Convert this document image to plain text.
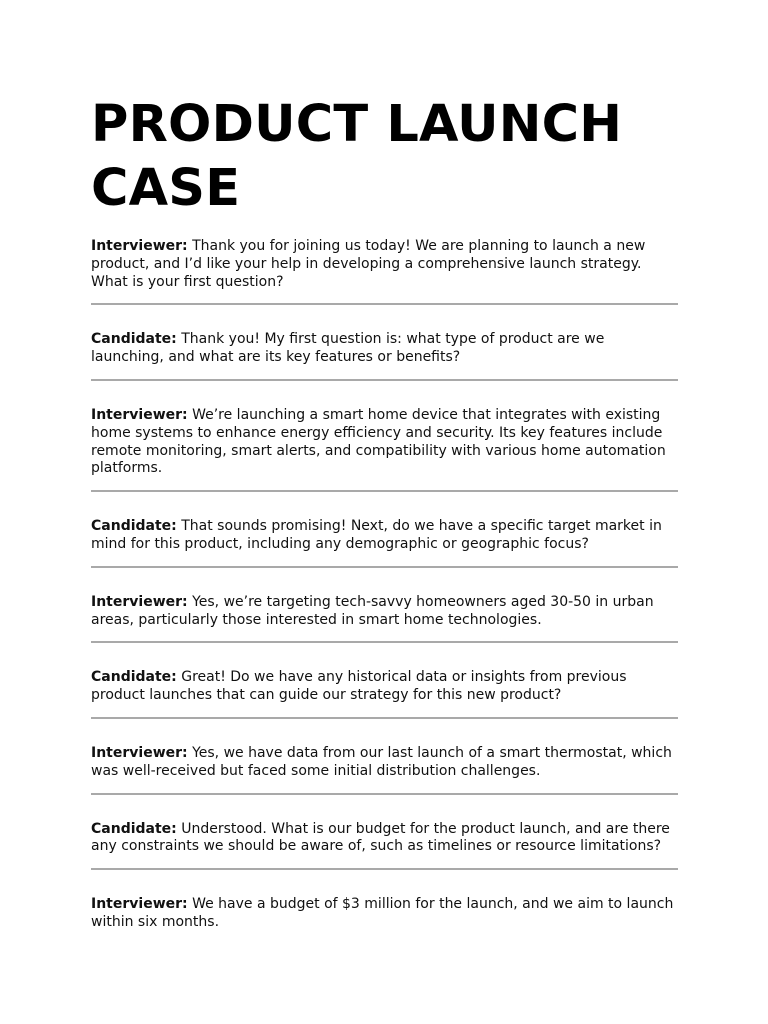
PRODUCT LAUNCH CASE
Interviewer: Thank you for joining us today! We are planning to launch a new product, and I’d like your help in developing a comprehensive launch strategy. What is your first question?
Candidate: Thank you! My first question is: what type of product are we launching, and what are its key features or benefits?
Interviewer: We’re launching a smart home device that integrates with existing home systems to enhance energy efficiency and security. Its key features include remote monitoring, smart alerts, and compatibility with various home automation platforms.
Candidate: That sounds promising! Next, do we have a specific target market in mind for this product, including any demographic or geographic focus?
Interviewer: Yes, we’re targeting tech-savvy homeowners aged 30-50 in urban areas, particularly those interested in smart home technologies.
Candidate: Great! Do we have any historical data or insights from previous product launches that can guide our strategy for this new product?
Interviewer: Yes, we have data from our last launch of a smart thermostat, which was well-received but faced some initial distribution challenges.
Candidate: Understood. What is our budget for the product launch, and are there any constraints we should be aware of, such as timelines or resource limitations?
Interviewer: We have a budget of $3 million for the launch, and we aim to launch within six months.
